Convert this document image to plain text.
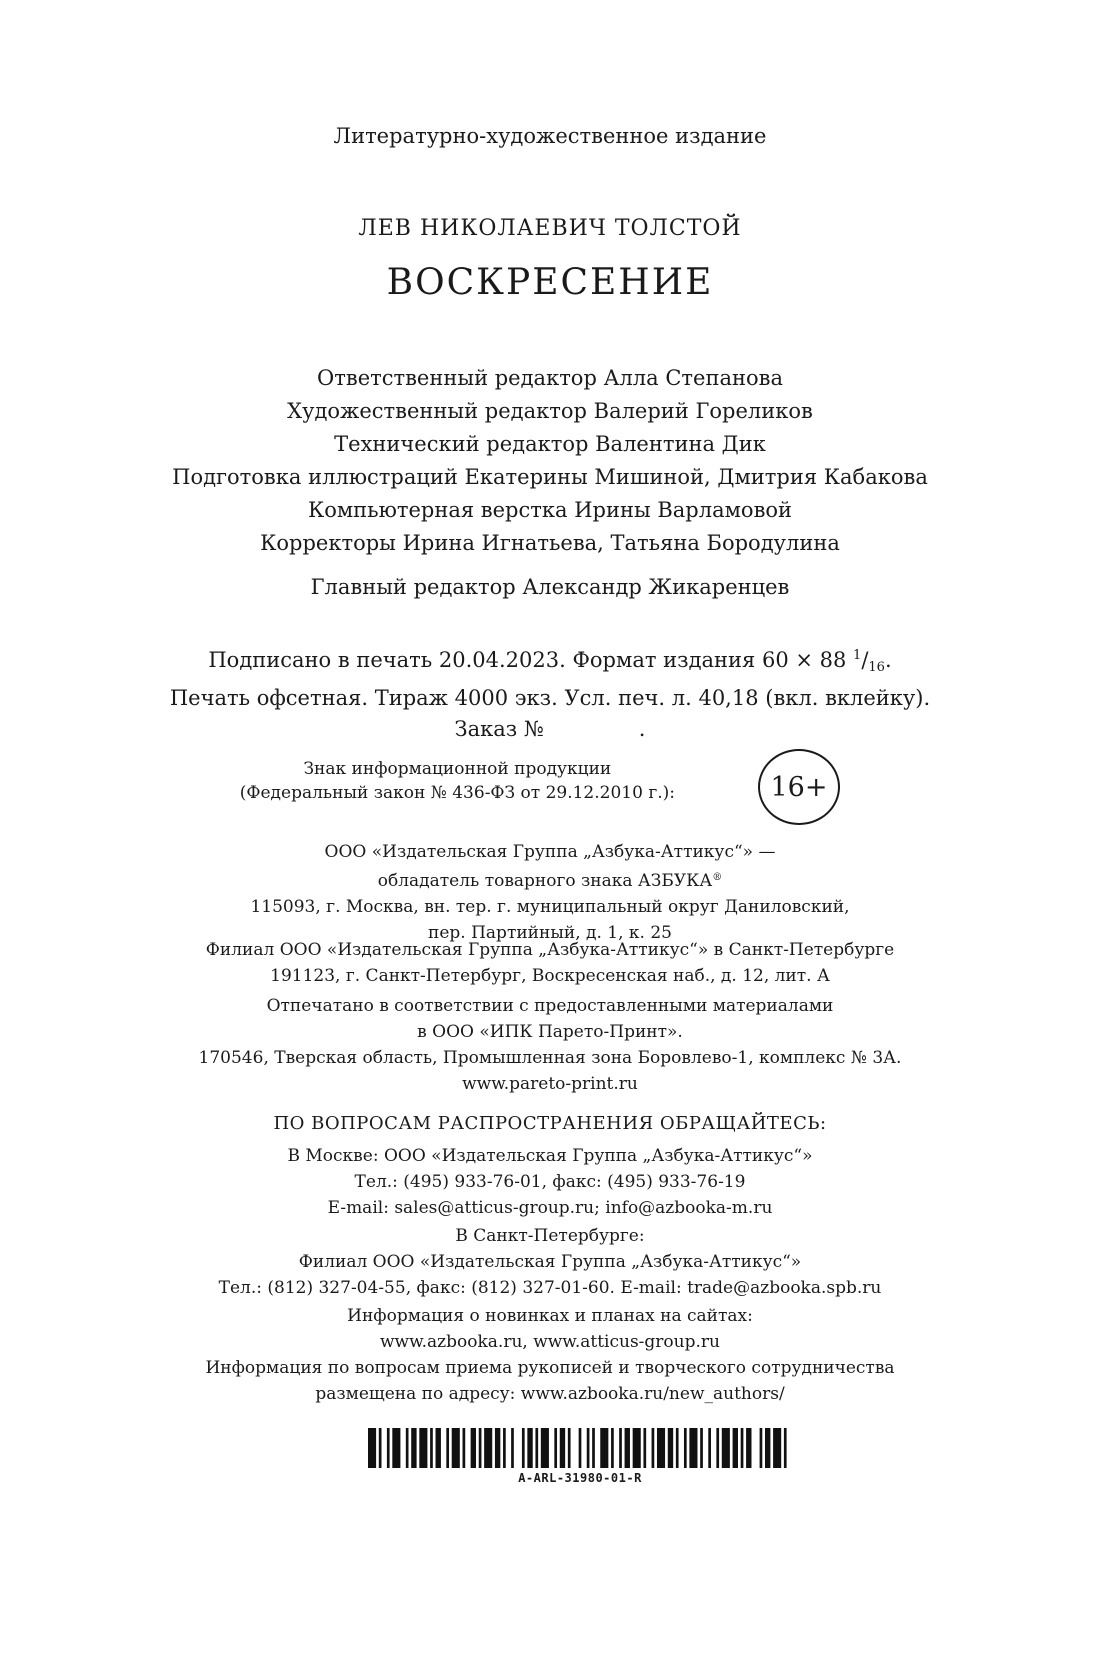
Литературно-художественное издание
ЛЕВ НИКОЛАЕВИЧ ТОЛСТОЙ
ВОСКРЕСЕНИЕ
Ответственный редактор Алла Степанова
Художественный редактор Валерий Гореликов
Технический редактор Валентина Дик
Подготовка иллюстраций Екатерины Мишиной, Дмитрия Кабакова
Компьютерная верстка Ирины Варламовой
Корректоры Ирина Игнатьева, Татьяна Бородулина
Главный редактор Александр Жикаренцев
Подписано в печать 20.04.2023. Формат издания 60 × 88 $^1$/16.
Печать офсетная. Тираж 4000 экз. Усл. печ. л. 40,18 (вкл. вклейку).
Заказ №	.
Знак информационной продукции
(Федеральный закон № 436-ФЗ от 29.12.2010 г.):	16+
ООО «Издательская Группа „Азбука-Аттикус“» —
обладатель товарного знака АЗБУКА®
115093, г. Москва, вн. тер. г. муниципальный округ Даниловский,
пер. Партийный, д. 1, к. 25
Филиал ООО «Издательская Группа „Азбука-Аттикус“» в Санкт-Петербурге
191123, г. Санкт-Петербург, Воскресенская наб., д. 12, лит. А
Отпечатано в соответствии с предоставленными материалами
в ООО «ИПК Парето-Принт».
170546, Тверская область, Промышленная зона Боровлево-1, комплекс № 3А.
www.pareto-print.ru
ПО ВОПРОСАМ РАСПРОСТРАНЕНИЯ ОБРАЩАЙТЕСЬ:
В Москве: ООО «Издательская Группа „Азбука-Аттикус“»
Тел.: (495) 933-76-01, факс: (495) 933-76-19
E-mail: sales@atticus-group.ru; info@azbooka-m.ru
В Санкт-Петербурге:
Филиал ООО «Издательская Группа „Азбука-Аттикус“»
Тел.: (812) 327-04-55, факс: (812) 327-01-60. E-mail: trade@azbooka.spb.ru
Информация о новинках и планах на сайтах:
www.azbooka.ru, www.atticus-group.ru
Информация по вопросам приема рукописей и творческого сотрудничества
размещена по адресу: www.azbooka.ru/new_authors/
A-ARL-31980-01-R
